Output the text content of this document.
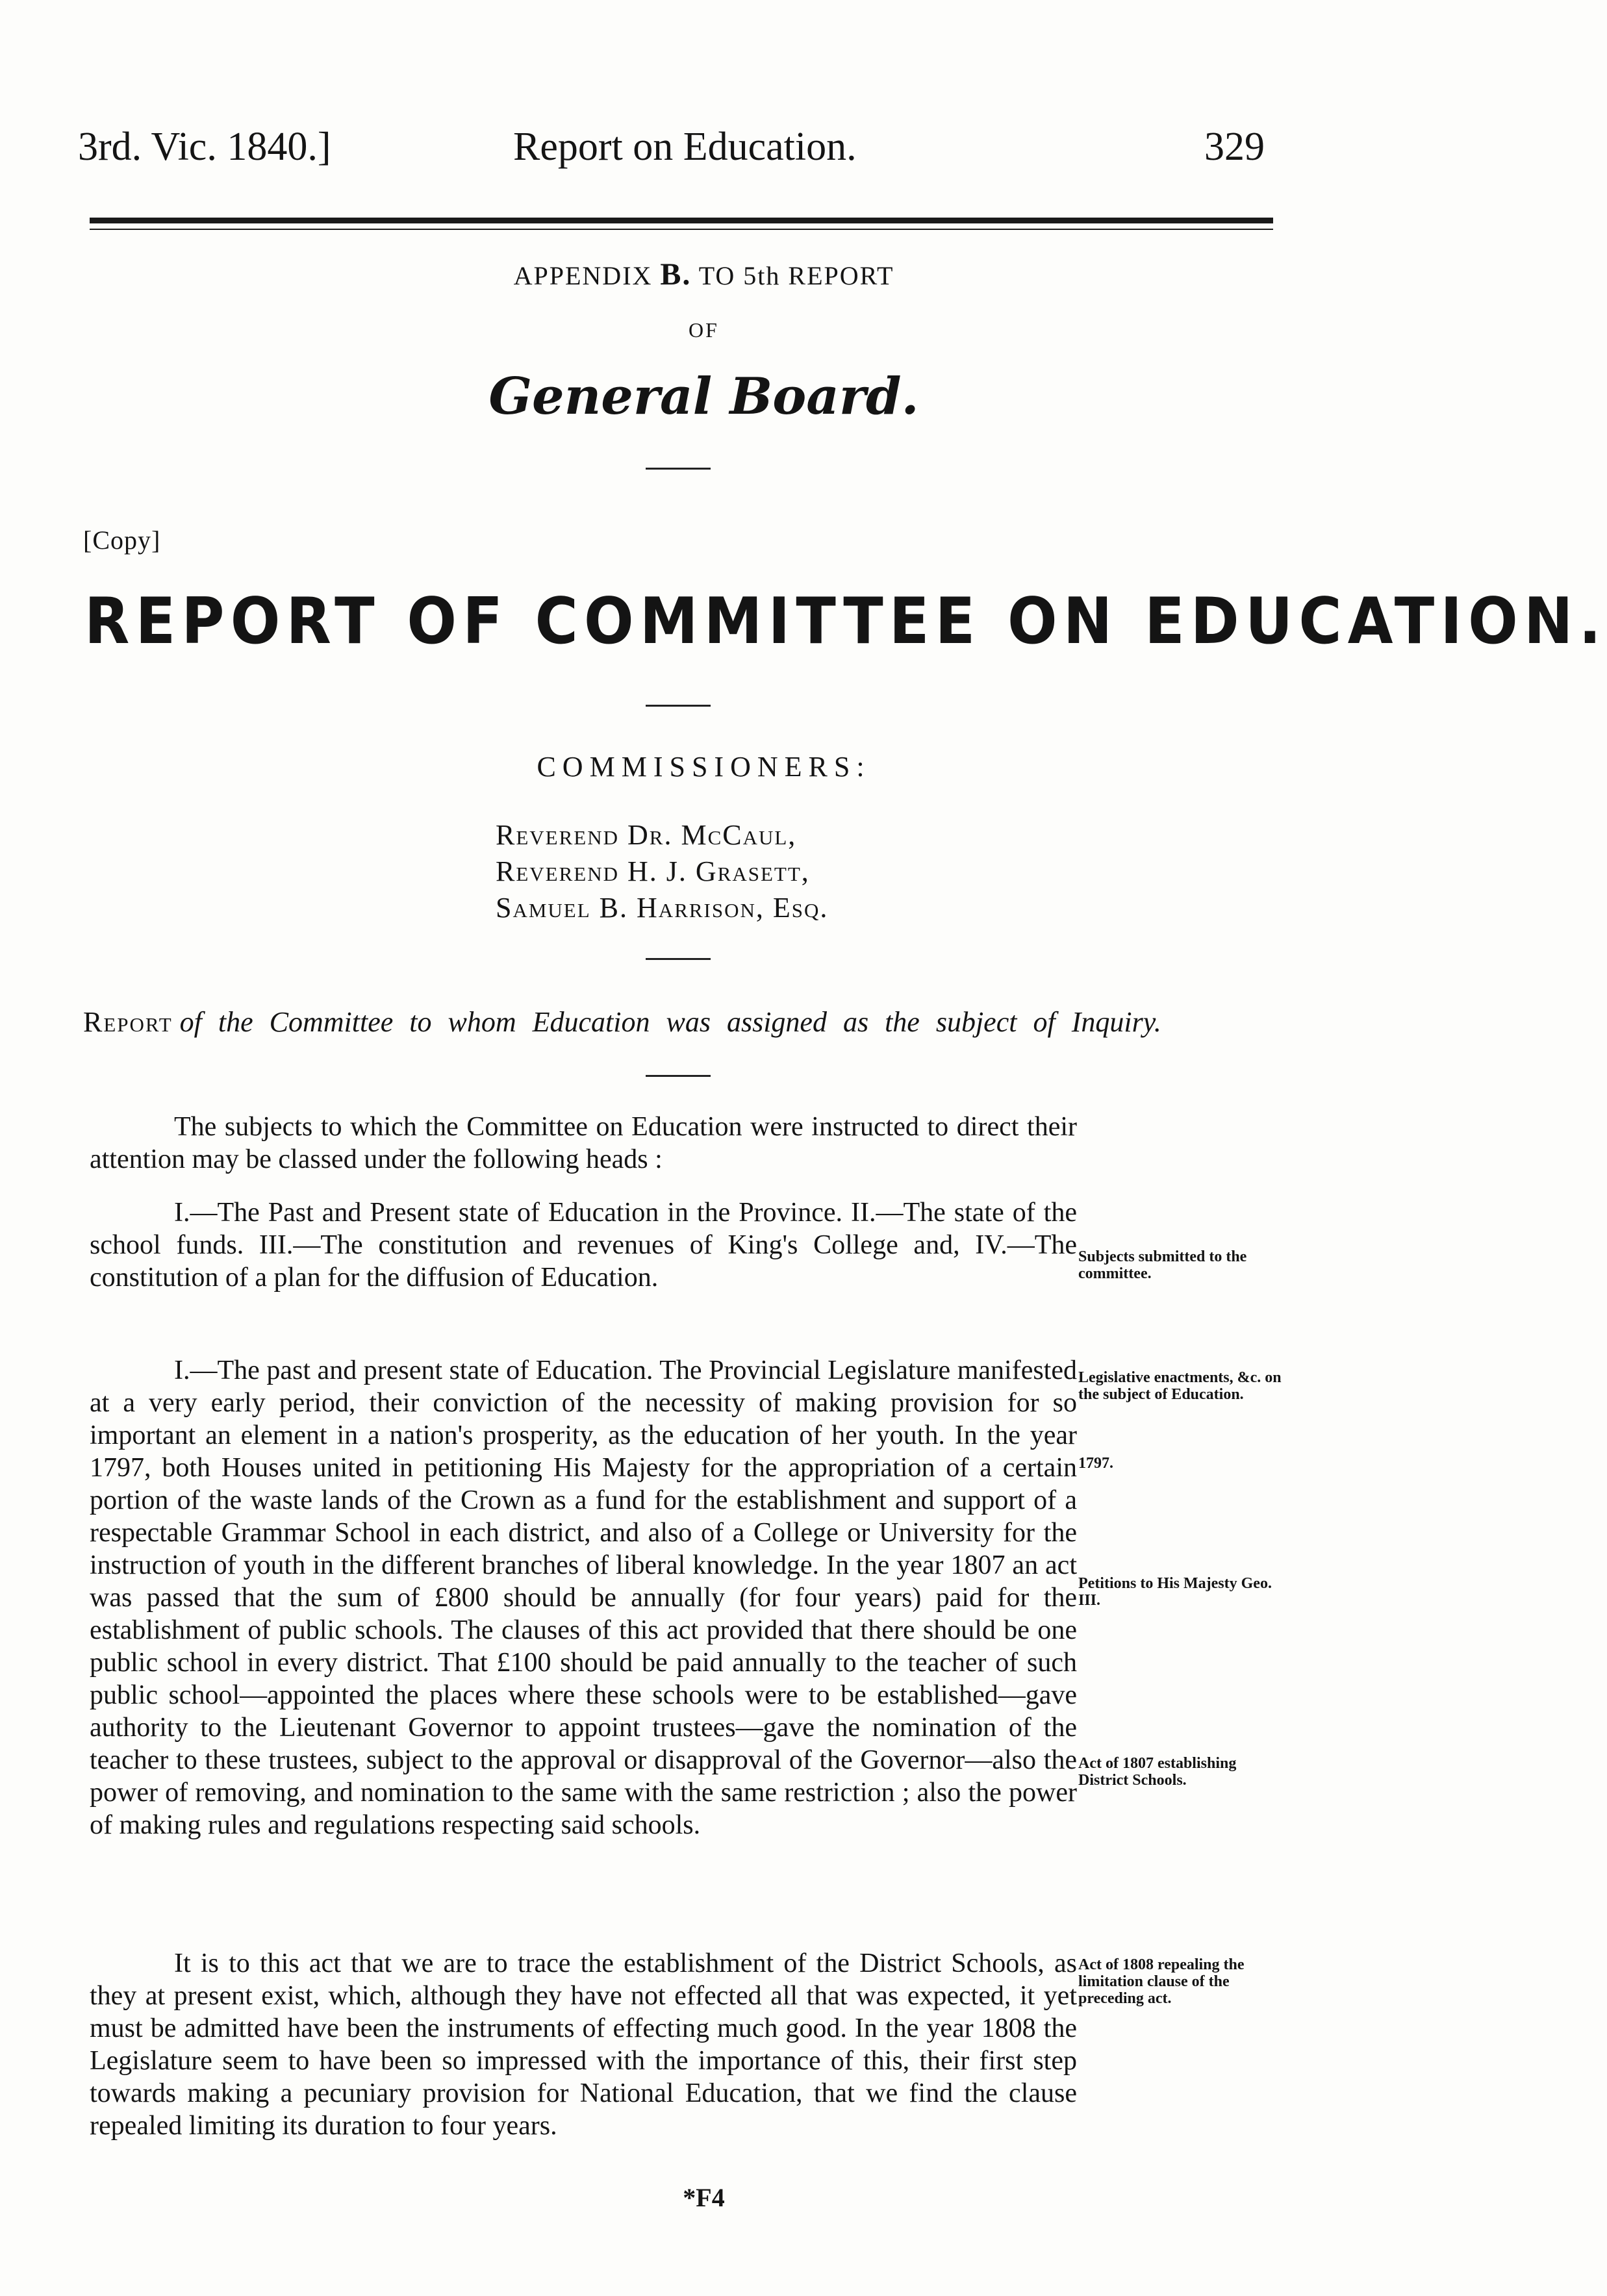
3rd. Vic. 1840.]	Report on Education.	329
APPENDIX B. TO 5th REPORT
OF
General Board.
[Copy]
REPORT OF COMMITTEE ON EDUCATION.
COMMISSIONERS:
Reverend Dr. McCaul,
Reverend H. J. Grasett,
Samuel B. Harrison, Esq.
Report of the Committee to whom Education was assigned as the subject of Inquiry.

The subjects to which the Committee on Education were instructed to direct their attention may be classed under the following heads :

I.—The Past and Present state of Education in the Province. II.—The state of the school funds. III.—The constitution and revenues of King's College and, IV.—The constitution of a plan for the diffusion of Education.

I.—The past and present state of Education. The Provincial Legislature manifested at a very early period, their conviction of the necessity of making provision for so important an element in a nation's prosperity, as the education of her youth. In the year 1797, both Houses united in petitioning His Majesty for the appropriation of a certain portion of the waste lands of the Crown as a fund for the establishment and support of a respectable Grammar School in each district, and also of a College or University for the instruction of youth in the different branches of liberal knowledge. In the year 1807 an act was passed that the sum of £800 should be annually (for four years) paid for the establishment of public schools. The clauses of this act provided that there should be one public school in every district. That £100 should be paid annually to the teacher of such public school—appointed the places where these schools were to be established—gave authority to the Lieutenant Governor to appoint trustees—gave the nomination of the teacher to these trustees, subject to the approval or disapproval of the Governor—also the power of removing, and nomination to the same with the same restriction ; also the power of making rules and regulations respecting said schools.

It is to this act that we are to trace the establishment of the District Schools, as they at present exist, which, although they have not effected all that was expected, it yet must be admitted have been the instruments of effecting much good. In the year 1808 the Legislature seem to have been so impressed with the importance of this, their first step towards making a pecuniary provision for National Education, that we find the clause repealed limiting its duration to four years.

Subjects submitted to the committee.
Legislative enactments, &c. on the subject of Education.
1797.
Petitions to His Majesty Geo. III.
Act of 1807 establishing District Schools.
Act of 1808 repealing the limitation clause of the preceding act.
*F4
